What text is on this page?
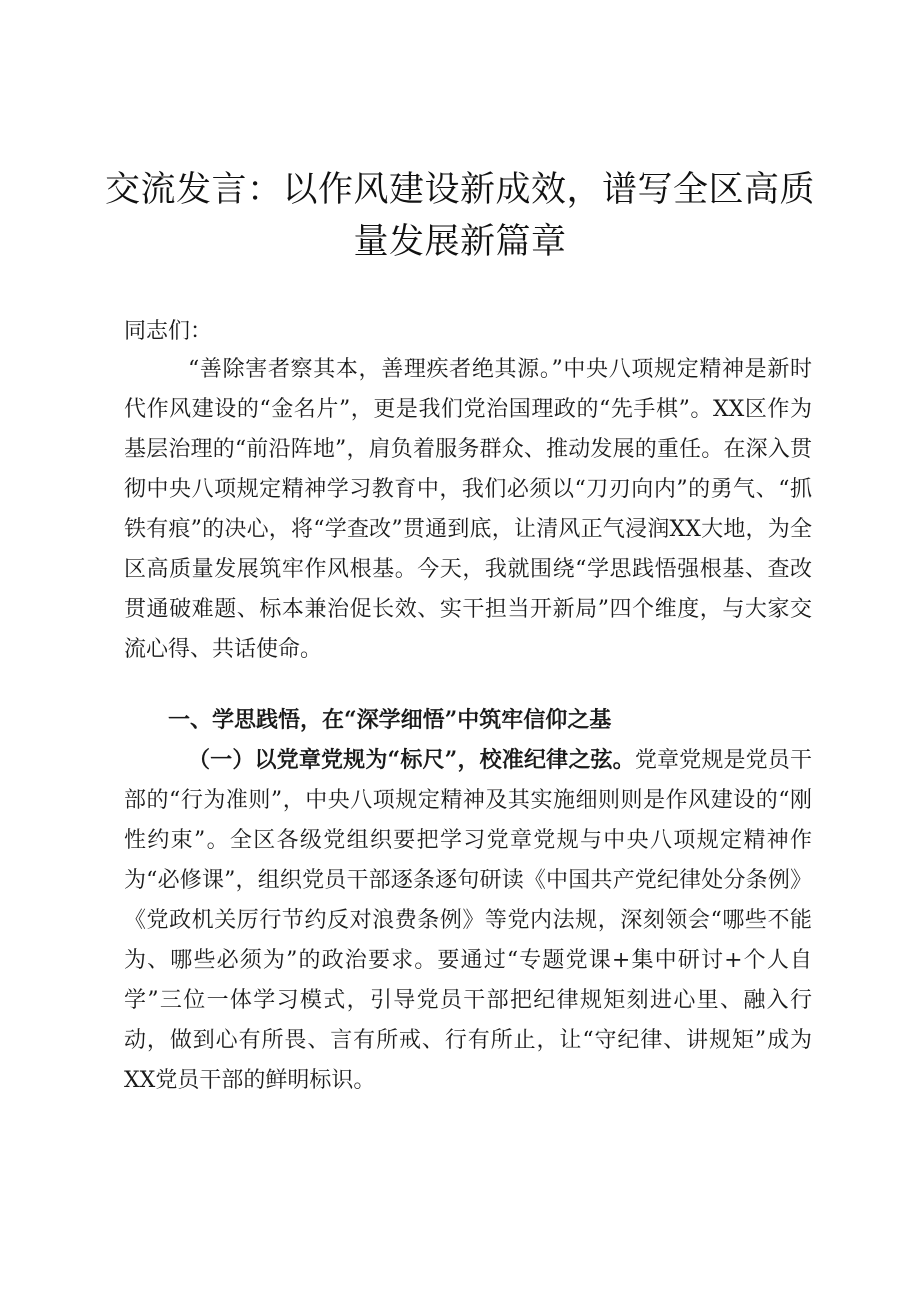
交流发言：以作风建设新成效，谱写全区高质量发展新篇章
同志们：
“善除害者察其本，善理疾者绝其源。”中央八项规定精神是新时代作风建设的“金名片”，更是我们党治国理政的“先手棋”。XX区作为基层治理的“前沿阵地”，肩负着服务群众、推动发展的重任。在深入贯彻中央八项规定精神学习教育中，我们必须以“刀刃向内”的勇气、“抓铁有痕”的决心，将“学查改”贯通到底，让清风正气浸润XX大地，为全区高质量发展筑牢作风根基。今天，我就围绕“学思践悟强根基、查改贯通破难题、标本兼治促长效、实干担当开新局”四个维度，与大家交流心得、共话使命。
一、学思践悟，在“深学细悟”中筑牢信仰之基
（一）以党章党规为“标尺”，校准纪律之弦。党章党规是党员干部的“行为准则”，中央八项规定精神及其实施细则则是作风建设的“刚性约束”。全区各级党组织要把学习党章党规与中央八项规定精神作为“必修课”，组织党员干部逐条逐句研读《中国共产党纪律处分条例》《党政机关厉行节约反对浪费条例》等党内法规，深刻领会“哪些不能为、哪些必须为”的政治要求。要通过“专题党课+集中研讨+个人自学”三位一体学习模式，引导党员干部把纪律规矩刻进心里、融入行动，做到心有所畏、言有所戒、行有所止，让“守纪律、讲规矩”成为XX党员干部的鲜明标识。
